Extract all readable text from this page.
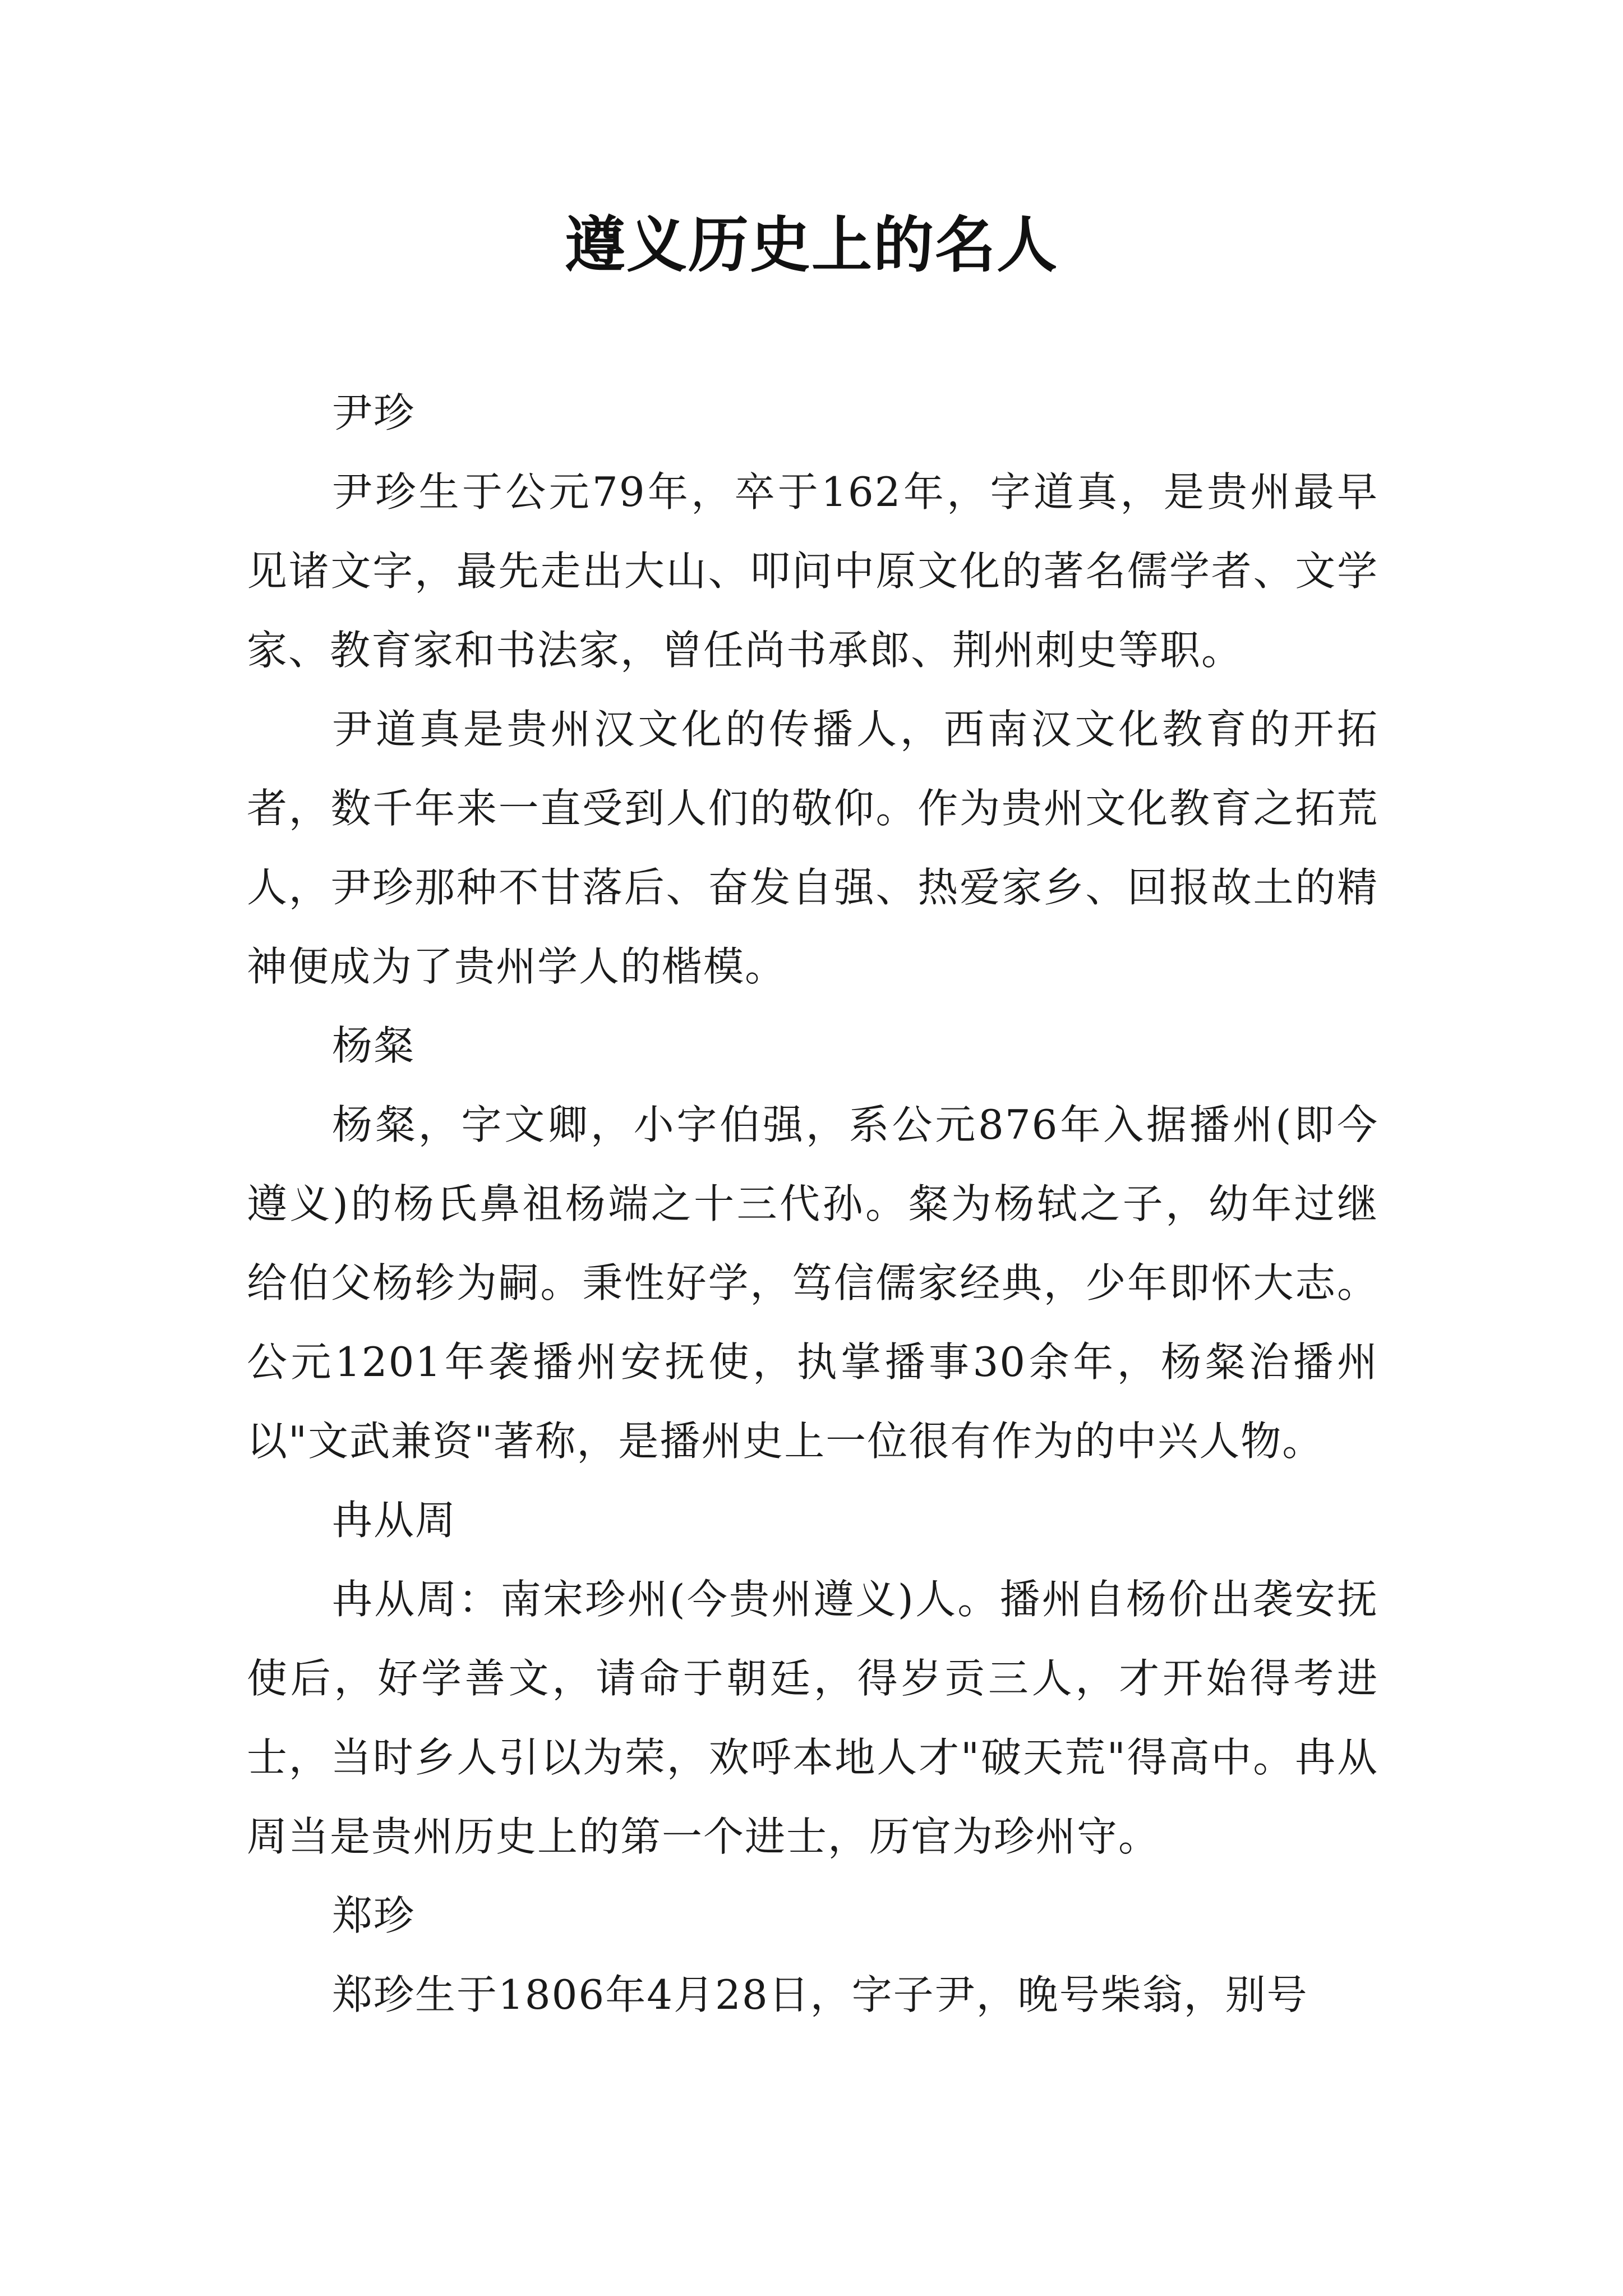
遵义历史上的名人

尹珍

尹珍生于公元79年，卒于162年，字道真，是贵州最早见诸文字，最先走出大山、叩问中原文化的著名儒学者、文学家、教育家和书法家，曾任尚书承郎、荆州刺史等职。

尹道真是贵州汉文化的传播人，西南汉文化教育的开拓者，数千年来一直受到人们的敬仰。作为贵州文化教育之拓荒人，尹珍那种不甘落后、奋发自强、热爱家乡、回报故土的精神便成为了贵州学人的楷模。

杨粲

杨粲，字文卿，小字伯强，系公元876年入据播州(即今遵义)的杨氏鼻祖杨端之十三代孙。粲为杨轼之子，幼年过继给伯父杨轸为嗣。秉性好学，笃信儒家经典，少年即怀大志。公元1201年袭播州安抚使，执掌播事30余年，杨粲治播州以"文武兼资"著称，是播州史上一位很有作为的中兴人物。

冉从周

冉从周：南宋珍州(今贵州遵义)人。播州自杨价出袭安抚使后，好学善文，请命于朝廷，得岁贡三人，才开始得考进士，当时乡人引以为荣，欢呼本地人才"破天荒"得高中。冉从周当是贵州历史上的第一个进士，历官为珍州守。

郑珍

郑珍生于1806年4月28日，字子尹，晚号柴翁，别号
